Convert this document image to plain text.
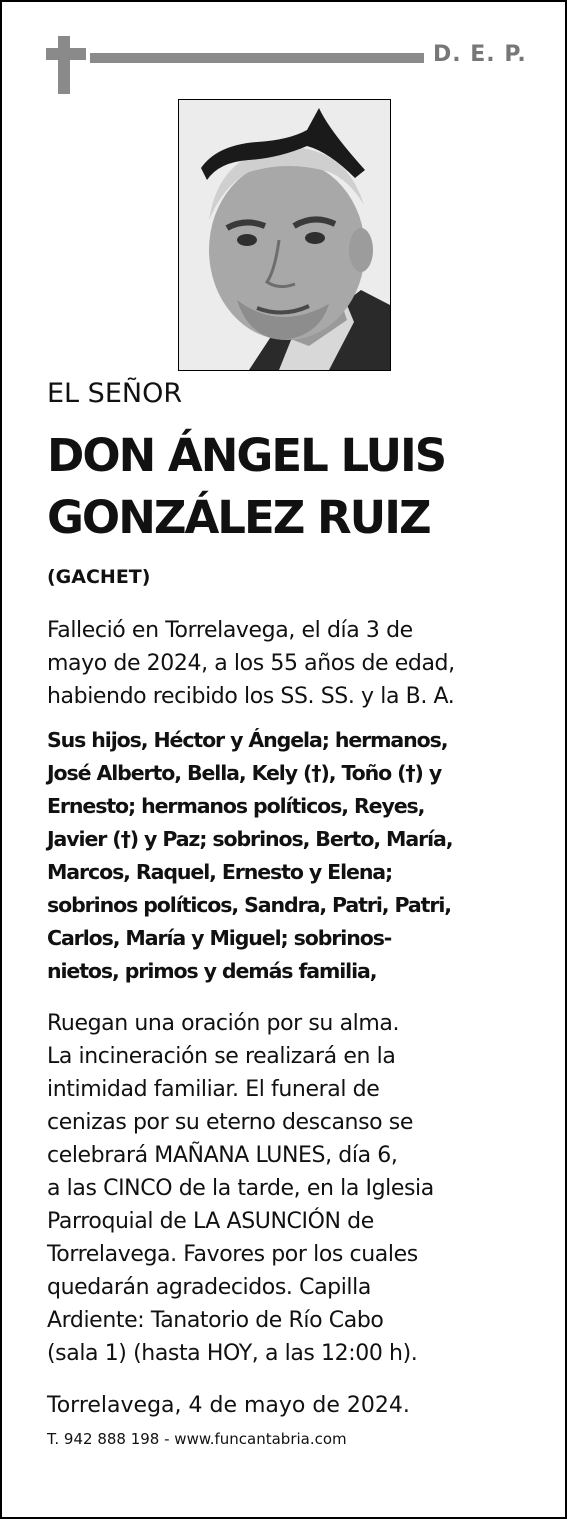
D. E. P.
EL SEÑOR
DON ÁNGEL LUIS
GONZÁLEZ RUIZ
(GACHET)
Falleció en Torrelavega, el día 3 de
mayo de 2024, a los 55 años de edad,
habiendo recibido los SS. SS. y la B. A.
Sus hijos, Héctor y Ángela; hermanos,
José Alberto, Bella, Kely (†), Toño (†) y
Ernesto; hermanos políticos, Reyes,
Javier (†) y Paz; sobrinos, Berto, María,
Marcos, Raquel, Ernesto y Elena;
sobrinos políticos, Sandra, Patri, Patri,
Carlos, María y Miguel; sobrinos-
nietos, primos y demás familia,
Ruegan una oración por su alma.
La incineración se realizará en la
intimidad familiar. El funeral de
cenizas por su eterno descanso se
celebrará MAÑANA LUNES, día 6,
a las CINCO de la tarde, en la Iglesia
Parroquial de LA ASUNCIÓN de
Torrelavega. Favores por los cuales
quedarán agradecidos. Capilla
Ardiente: Tanatorio de Río Cabo
(sala 1) (hasta HOY, a las 12:00 h).
Torrelavega, 4 de mayo de 2024.
T. 942 888 198 - www.funcantabria.com
